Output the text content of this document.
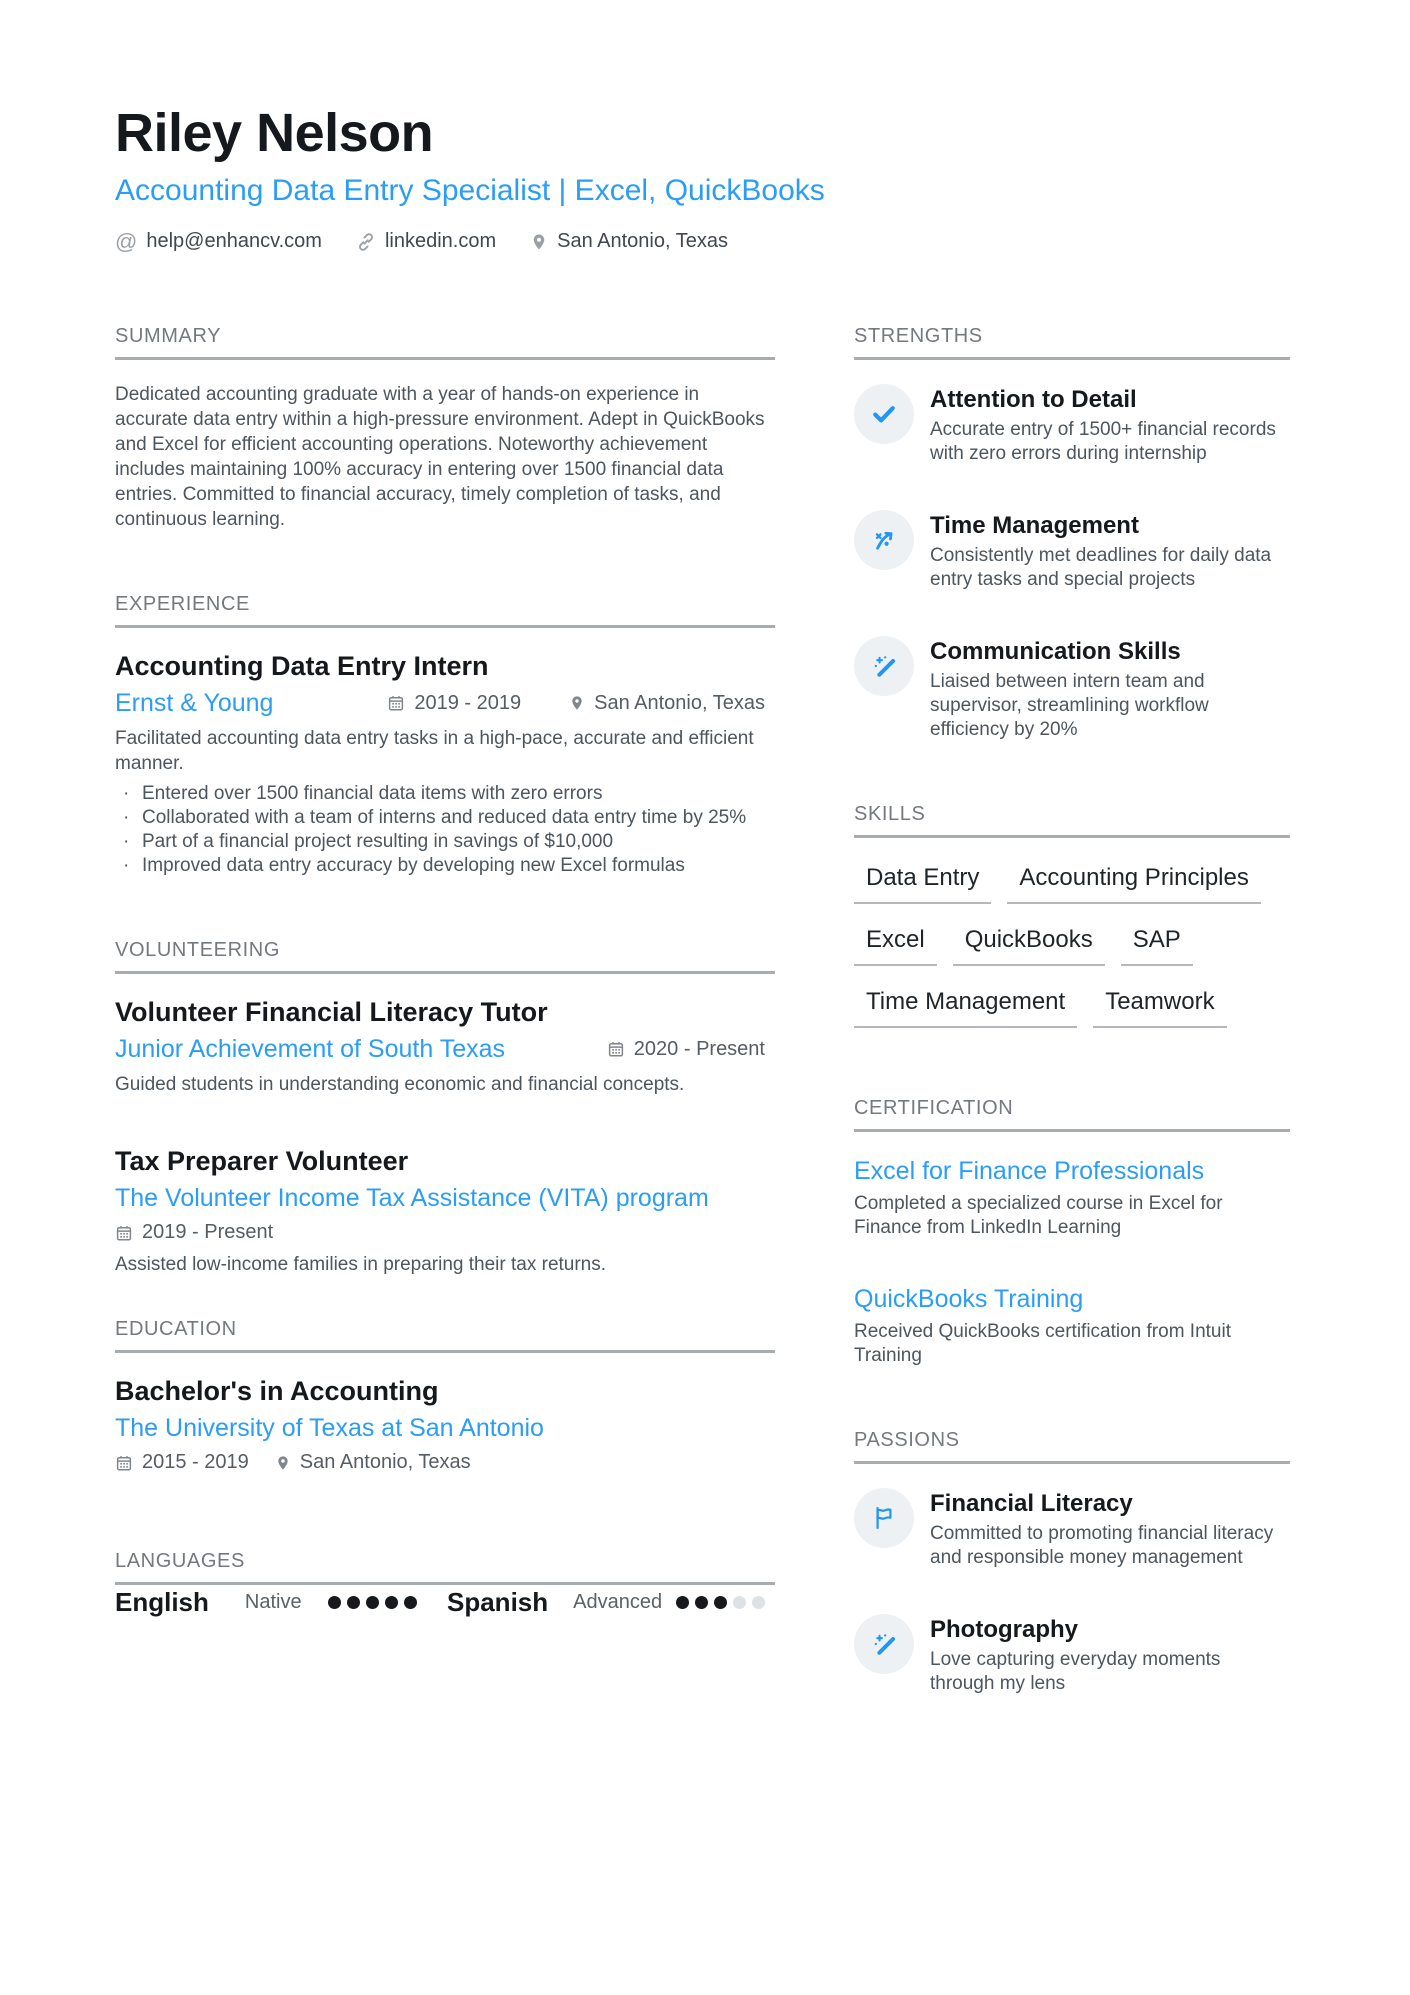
Riley Nelson
Accounting Data Entry Specialist | Excel, QuickBooks
@ help@enhancv.com	linkedin.com	San Antonio, Texas
SUMMARY
Dedicated accounting graduate with a year of hands-on experience in accurate data entry within a high-pressure environment. Adept in QuickBooks and Excel for efficient accounting operations. Noteworthy achievement includes maintaining 100% accuracy in entering over 1500 financial data entries. Committed to financial accuracy, timely completion of tasks, and continuous learning.
EXPERIENCE
Accounting Data Entry Intern
Ernst & Young	2019 - 2019	San Antonio, Texas
Facilitated accounting data entry tasks in a high-pace, accurate and efficient manner.
· Entered over 1500 financial data items with zero errors
· Collaborated with a team of interns and reduced data entry time by 25%
· Part of a financial project resulting in savings of $10,000
· Improved data entry accuracy by developing new Excel formulas
VOLUNTEERING
Volunteer Financial Literacy Tutor
Junior Achievement of South Texas	2020 - Present
Guided students in understanding economic and financial concepts.
Tax Preparer Volunteer
The Volunteer Income Tax Assistance (VITA) program
2019 - Present
Assisted low-income families in preparing their tax returns.
EDUCATION
Bachelor's in Accounting
The University of Texas at San Antonio
2015 - 2019	San Antonio, Texas
LANGUAGES
English Native	Spanish Advanced
STRENGTHS
Attention to Detail
Accurate entry of 1500+ financial records with zero errors during internship
Time Management
Consistently met deadlines for daily data entry tasks and special projects
Communication Skills
Liaised between intern team and supervisor, streamlining workflow efficiency by 20%
SKILLS
Data Entry	Accounting Principles
Excel	QuickBooks	SAP
Time Management	Teamwork
CERTIFICATION
Excel for Finance Professionals
Completed a specialized course in Excel for Finance from LinkedIn Learning
QuickBooks Training
Received QuickBooks certification from Intuit Training
PASSIONS
Financial Literacy
Committed to promoting financial literacy and responsible money management
Photography
Love capturing everyday moments through my lens
